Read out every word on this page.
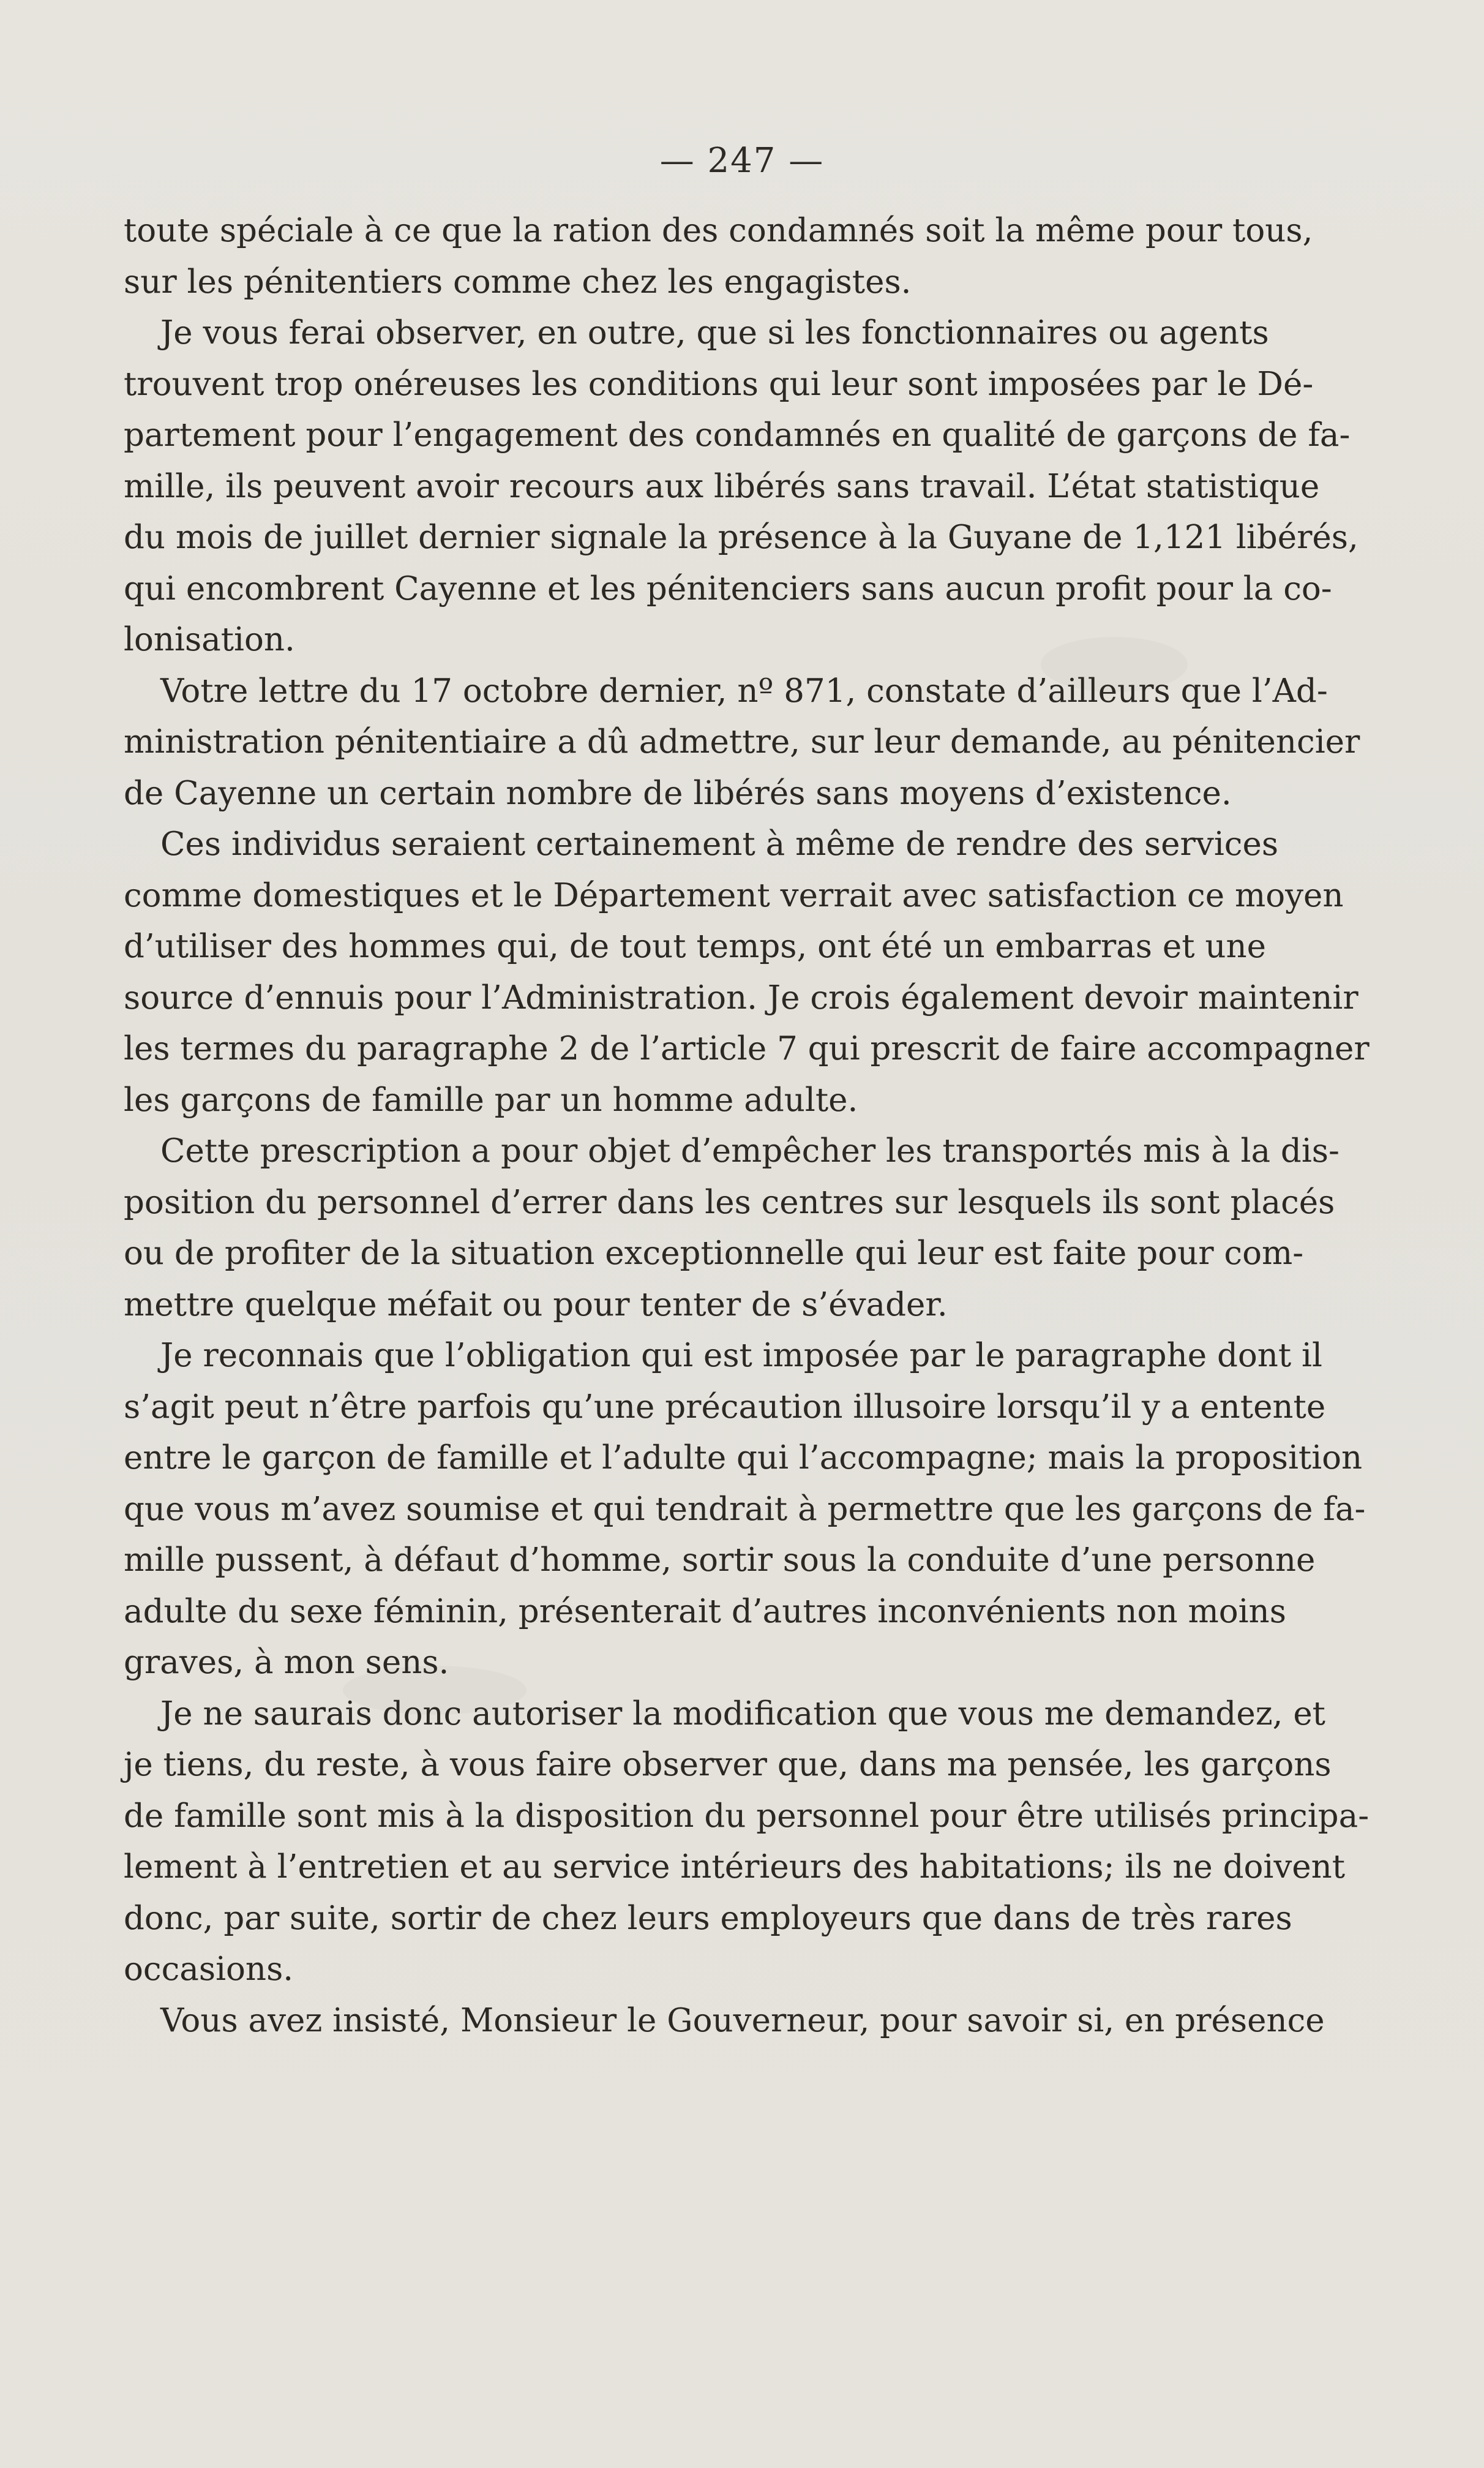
— 247 —
toute spéciale à ce que la ration des condamnés soit la même pour tous,
sur les pénitentiers comme chez les engagistes.
Je vous ferai observer, en outre, que si les fonctionnaires ou agents
trouvent trop onéreuses les conditions qui leur sont imposées par le Dé-
partement pour l’engagement des condamnés en qualité de garçons de fa-
mille, ils peuvent avoir recours aux libérés sans travail. L’état statistique
du mois de juillet dernier signale la présence à la Guyane de 1,121 libérés,
qui encombrent Cayenne et les pénitenciers sans aucun profit pour la co-
lonisation.
Votre lettre du 17 octobre dernier, nº 871, constate d’ailleurs que l’Ad-
ministration pénitentiaire a dû admettre, sur leur demande, au pénitencier
de Cayenne un certain nombre de libérés sans moyens d’existence.
Ces individus seraient certainement à même de rendre des services
comme domestiques et le Département verrait avec satisfaction ce moyen
d’utiliser des hommes qui, de tout temps, ont été un embarras et une
source d’ennuis pour l’Administration. Je crois également devoir maintenir
les termes du paragraphe 2 de l’article 7 qui prescrit de faire accompagner
les garçons de famille par un homme adulte.
Cette prescription a pour objet d’empêcher les transportés mis à la dis-
position du personnel d’errer dans les centres sur lesquels ils sont placés
ou de profiter de la situation exceptionnelle qui leur est faite pour com-
mettre quelque méfait ou pour tenter de s’évader.
Je reconnais que l’obligation qui est imposée par le paragraphe dont il
s’agit peut n’être parfois qu’une précaution illusoire lorsqu’il y a entente
entre le garçon de famille et l’adulte qui l’accompagne; mais la proposition
que vous m’avez soumise et qui tendrait à permettre que les garçons de fa-
mille pussent, à défaut d’homme, sortir sous la conduite d’une personne
adulte du sexe féminin, présenterait d’autres inconvénients non moins
graves, à mon sens.
Je ne saurais donc autoriser la modification que vous me demandez, et
je tiens, du reste, à vous faire observer que, dans ma pensée, les garçons
de famille sont mis à la disposition du personnel pour être utilisés principa-
lement à l’entretien et au service intérieurs des habitations; ils ne doivent
donc, par suite, sortir de chez leurs employeurs que dans de très rares
occasions.
Vous avez insisté, Monsieur le Gouverneur, pour savoir si, en présence
